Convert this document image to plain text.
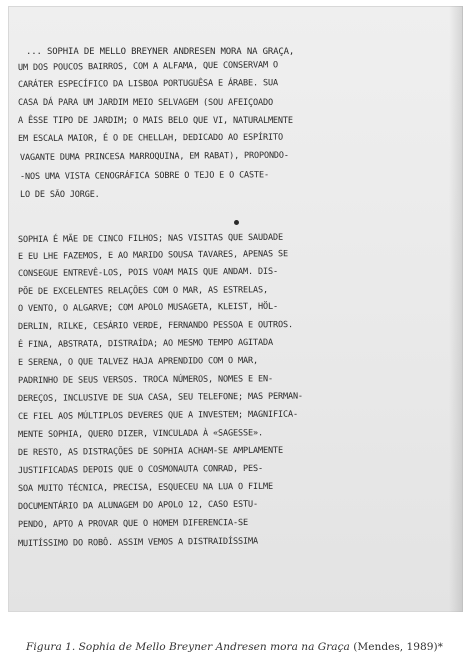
... SOPHIA DE MELLO BREYNER ANDRESEN MORA NA GRAÇA,

UM DOS POUCOS BAIRROS, COM A ALFAMA, QUE CONSERVAM O

CARÁTER ESPECÍFICO DA LISBOA PORTUGUÊSA E ÁRABE. SUA

CASA DÁ PARA UM JARDIM MEIO SELVAGEM (SOU AFEIÇOADO

A ÊSSE TIPO DE JARDIM; O MAIS BELO QUE VI, NATURALMENTE

EM ESCALA MAIOR, É O DE CHELLAH, DEDICADO AO ESPÍRITO

VAGANTE DUMA PRINCESA MARROQUINA, EM RABAT), PROPONDO-

-NOS UMA VISTA CENOGRÁFICA SOBRE O TEJO E O CASTE-

LO DE SÃO JORGE.

SOPHIA É MÃE DE CINCO FILHOS; NAS VISITAS QUE SAUDADE

E EU LHE FAZEMOS, E AO MARIDO SOUSA TAVARES, APENAS SE

CONSEGUE ENTREVÊ-LOS, POIS VOAM MAIS QUE ANDAM. DIS-

PÕE DE EXCELENTES RELAÇÕES COM O MAR, AS ESTRELAS,

O VENTO, O ALGARVE; COM APOLO MUSAGETA, KLEIST, HÖL-

DERLIN, RILKE, CESÁRIO VERDE, FERNANDO PESSOA E OUTROS.

É FINA, ABSTRATA, DISTRAÍDA; AO MESMO TEMPO AGITADA

E SERENA, O QUE TALVEZ HAJA APRENDIDO COM O MAR,

PADRINHO DE SEUS VERSOS. TROCA NÚMEROS, NOMES E EN-

DEREÇOS, INCLUSIVE DE SUA CASA, SEU TELEFONE; MAS PERMAN-

CE FIEL AOS MÚLTIPLOS DEVERES QUE A INVESTEM; MAGNIFICA-

MENTE SOPHIA, QUERO DIZER, VINCULADA À «SAGESSE».

DE RESTO, AS DISTRAÇÕES DE SOPHIA ACHAM-SE AMPLAMENTE

JUSTIFICADAS DEPOIS QUE O COSMONAUTA CONRAD, PES-

SOA MUITO TÉCNICA, PRECISA, ESQUECEU NA LUA O FILME

DOCUMENTÁRIO DA ALUNAGEM DO APOLO 12, CASO ESTU-

PENDO, APTO A PROVAR QUE O HOMEM DIFERENCIA-SE

MUITÍSSIMO DO ROBÔ. ASSIM VEMOS A DISTRAIDÍSSIMA

Figura 1. Sophia de Mello Breyner Andresen mora na Graça (Mendes, 1989)*
